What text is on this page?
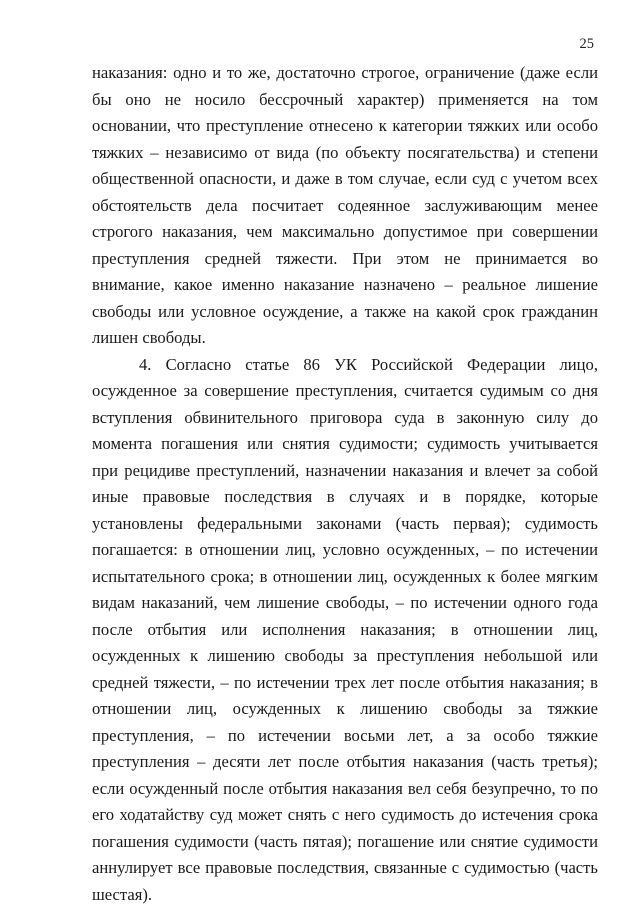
25

наказания: одно и то же, достаточно строгое, ограничение (даже если бы оно не носило бессрочный характер) применяется на том основании, что преступление отнесено к категории тяжких или особо тяжких – независимо от вида (по объекту посягательства) и степени общественной опасности, и даже в том случае, если суд с учетом всех обстоятельств дела посчитает содеянное заслуживающим менее строгого наказания, чем максимально допустимое при совершении преступления средней тяжести. При этом не принимается во внимание, какое именно наказание назначено – реальное лишение свободы или условное осуждение, а также на какой срок гражданин лишен свободы.

4. Согласно статье 86 УК Российской Федерации лицо, осужденное за совершение преступления, считается судимым со дня вступления обвинительного приговора суда в законную силу до момента погашения или снятия судимости; судимость учитывается при рецидиве преступлений, назначении наказания и влечет за собой иные правовые последствия в случаях и в порядке, которые установлены федеральными законами (часть первая); судимость погашается: в отношении лиц, условно осужденных, – по истечении испытательного срока; в отношении лиц, осужденных к более мягким видам наказаний, чем лишение свободы, – по истечении одного года после отбытия или исполнения наказания; в отношении лиц, осужденных к лишению свободы за преступления небольшой или средней тяжести, – по истечении трех лет после отбытия наказания; в отношении лиц, осужденных к лишению свободы за тяжкие преступления, – по истечении восьми лет, а за особо тяжкие преступления – десяти лет после отбытия наказания (часть третья); если осужденный после отбытия наказания вел себя безупречно, то по его ходатайству суд может снять с него судимость до истечения срока погашения судимости (часть пятая); погашение или снятие судимости аннулирует все правовые последствия, связанные с судимостью (часть шестая).
